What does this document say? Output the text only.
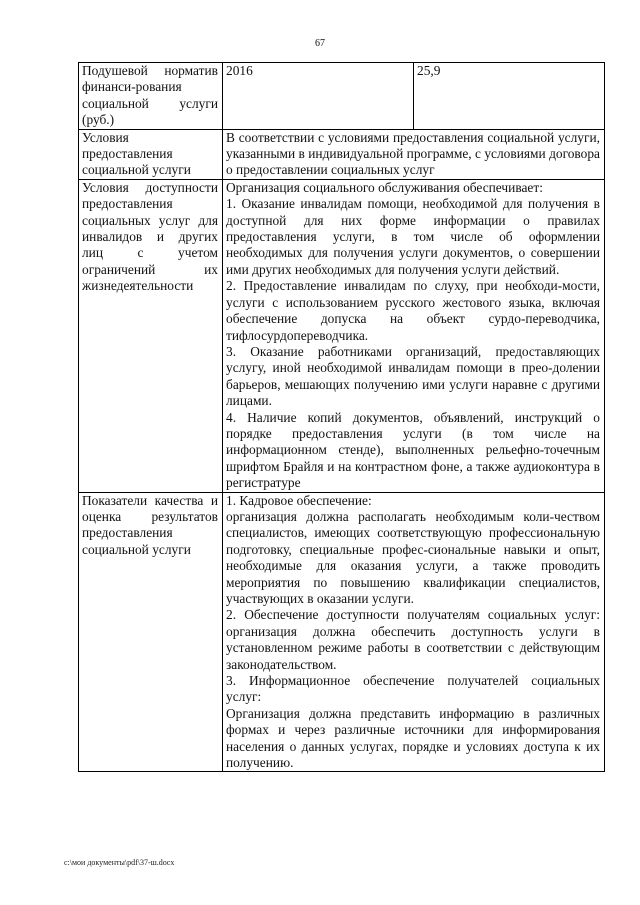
67
Подушевой норматив финанси-рования социальной услуги (руб.)	2016	25,9
Условия предоставления социальной услуги	В соответствии с условиями предоставления социальной услуги, указанными в индивидуальной программе, с условиями договора о предоставлении социальных услуг	
Условия доступности предоставления социальных услуг для инвалидов и других лиц с учетом ограничений их жизнедеятельности	Организация социального обслуживания обеспечивает:

1. Оказание инвалидам помощи, необходимой для получения в доступной для них форме информации о правилах предоставления услуги, в том числе об оформлении необходимых для получения услуги документов, о совершении ими других необходимых для получения услуги действий.

2. Предоставление инвалидам по слуху, при необходи-мости, услуги с использованием русского жестового языка, включая обеспечение допуска на объект сурдо-переводчика, тифлосурдопереводчика.

3. Оказание работниками организаций, предоставляющих услугу, иной необходимой инвалидам помощи в прео-долении барьеров, мешающих получению ими услуги наравне с другими лицами.

4. Наличие копий документов, объявлений, инструкций о порядке предоставления услуги (в том числе на информационном стенде), выполненных рельефно-точечным шрифтом Брайля и на контрастном фоне, а также аудиоконтура в регистратуре	

Показатели качества и оценка результатов предоставления социальной услуги	1. Кадровое обеспечение:

организация должна располагать необходимым коли-чеством специалистов, имеющих соответствующую профессиональную подготовку, специальные профес-сиональные навыки и опыт, необходимые для оказания услуги, а также проводить мероприятия по повышению квалификации специалистов, участвующих в оказании услуги.

2. Обеспечение доступности получателям социальных услуг: организация должна обеспечить доступность услуги в установленном режиме работы в соответствии с действующим законодательством.

3. Информационное обеспечение получателей социальных услуг:

Организация должна представить информацию в различных формах и через различные источники для информирования населения о данных услугах, порядке и условиях доступа к их получению.	

c:\мои документы\pdf\37-ш.docx
